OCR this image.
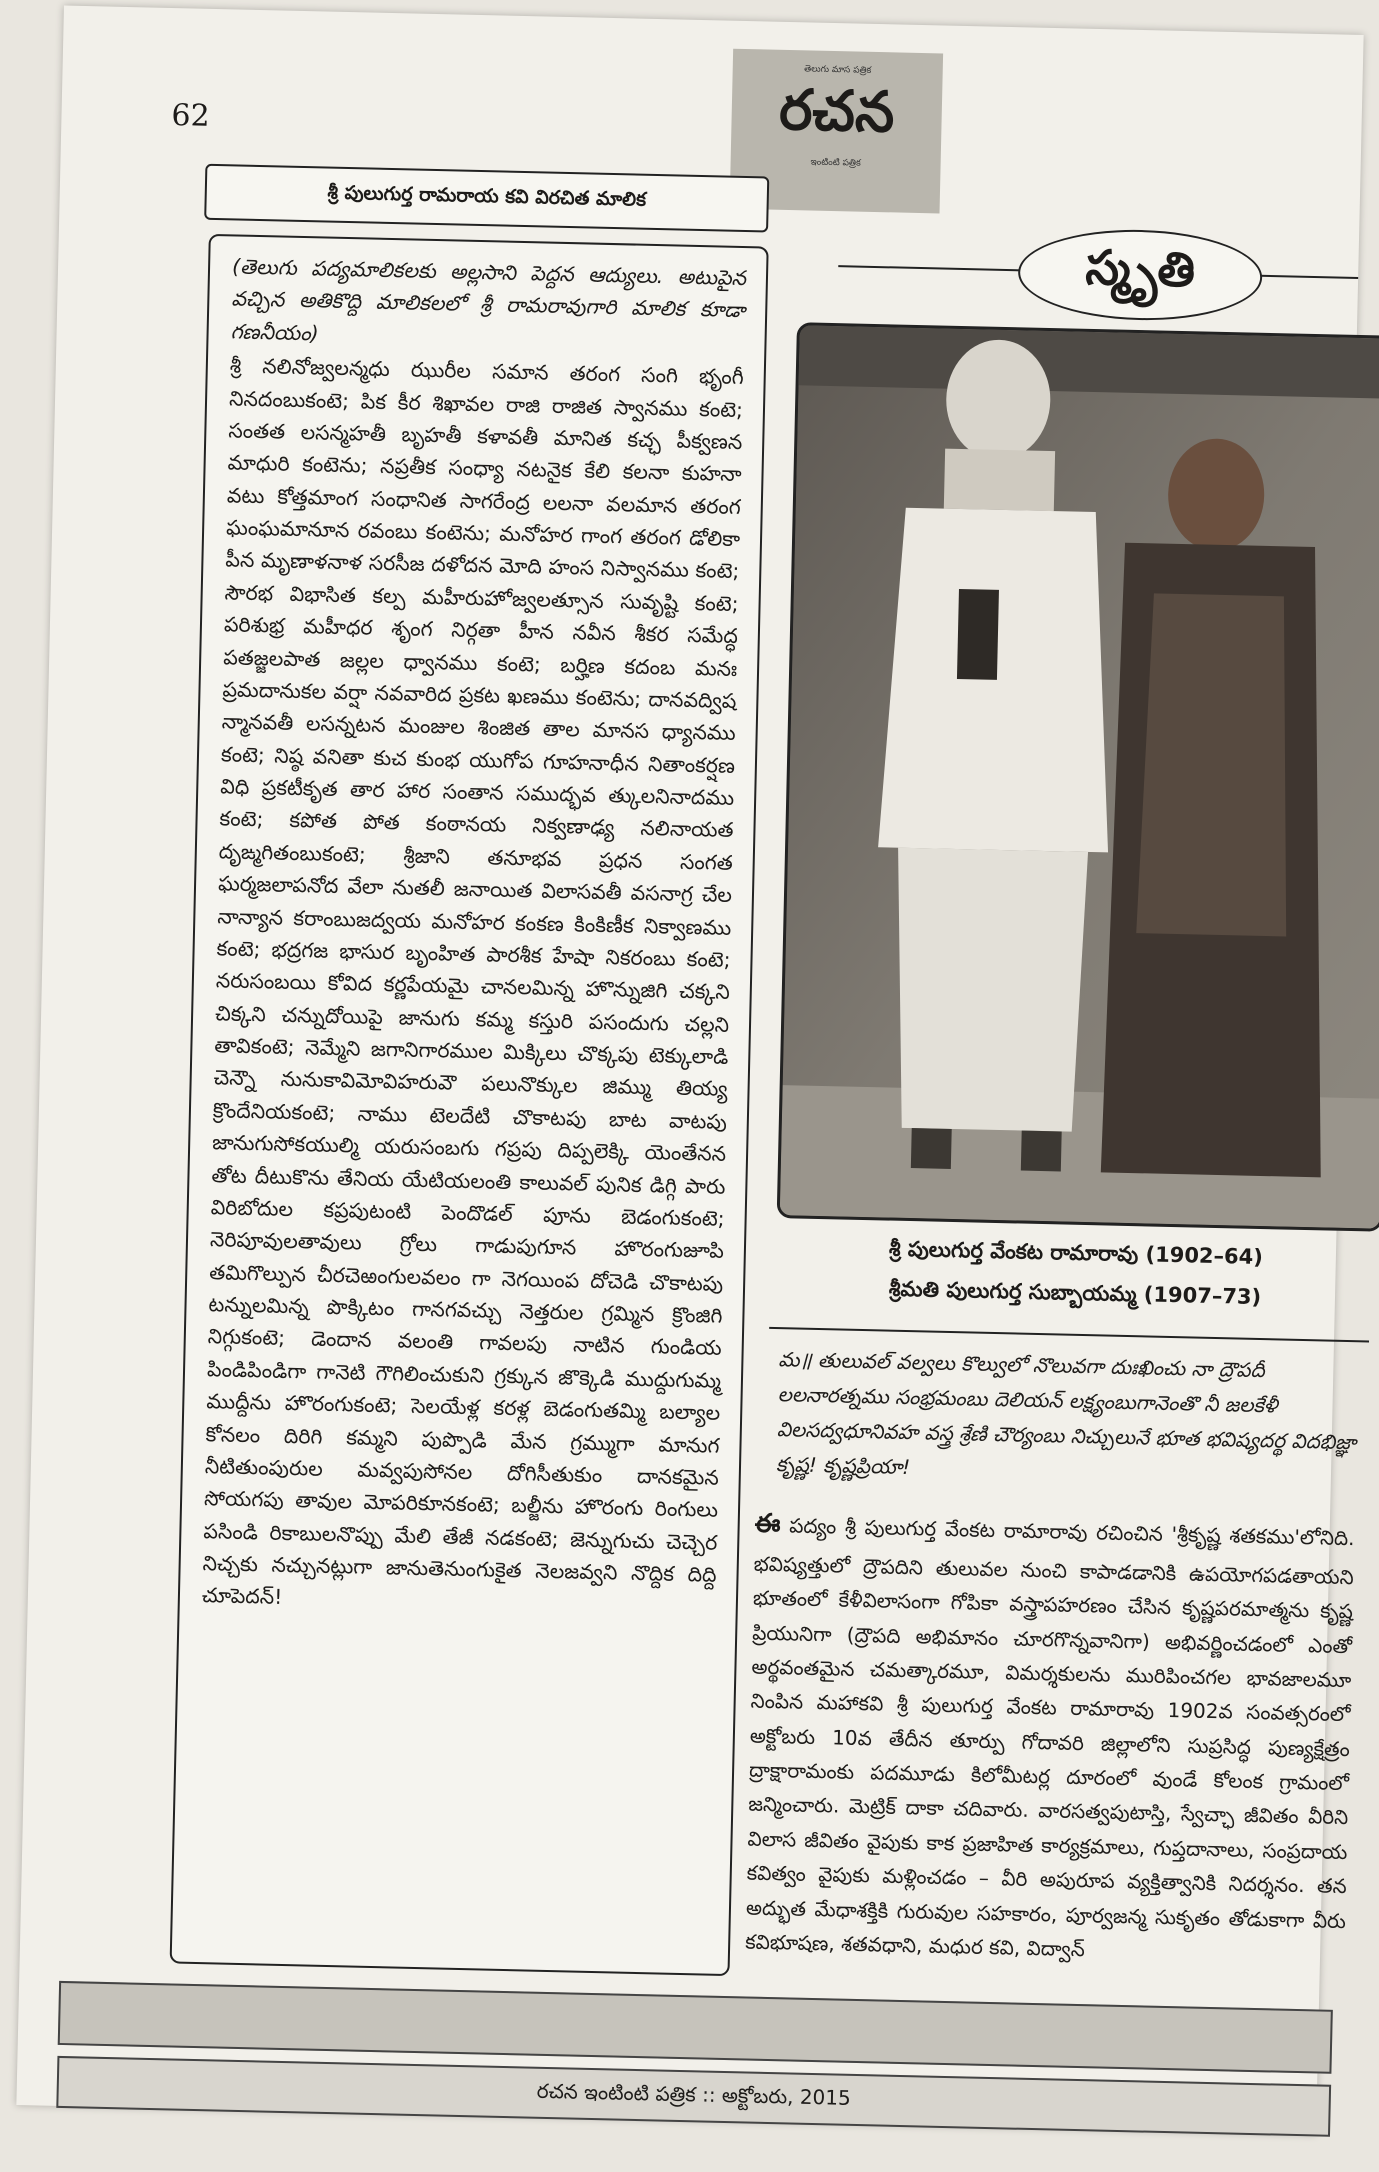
62
తెలుగు మాస పత్రిక
రచన
ఇంటింటి పత్రిక
శ్రీ పులుగుర్త రామరాయ కవి విరచిత మాలిక
స్మృతి

(తెలుగు పద్యమాలికలకు అల్లసాని పెద్దన ఆద్యులు. అటుపైన వచ్చిన అతికొద్ది మాలికలలో శ్రీ రామరావుగారి మాలిక కూడా గణనీయం)

శ్రీ నలినోజ్వలన్మధు ఝురీల సమాన తరంగ సంగి భృంగీ నినదంబుకంటె; పిక కీర శిఖావల రాజి రాజిత స్వానము కంటె; సంతత లసన్మహతీ బృహతీ కళావతీ మానిత కచ్ఛ పీక్వణన మాధురి కంటెను; నప్రతీక సంధ్యా నటనైక కేలి కలనా కుహనా వటు కోత్తమాంగ సంధానిత సాగరేంద్ర లలనా వలమాన తరంగ ఘంఘమానూన రవంబు కంటెను; మనోహర గాంగ తరంగ డోలికా పీన మృణాళనాళ సరసీజ దళోదన మోది హంస నిస్వానము కంటె; సౌరభ విభాసిత కల్ప మహీరుహోజ్వలత్సూన సువృష్టి కంటె; పరిశుభ్ర మహీధర శృంగ నిర్గతా హీన నవీన శీకర సమేద్ధ పతజ్జలపాత జల్లల ధ్వానము కంటె; బర్హిణ కదంబ మనః ప్రమదానుకల వర్షా నవవారిద ప్రకట ఖణము కంటెను; దానవద్విష న్మానవతీ లసన్నటన మంజుల శింజిత తాల మానస ధ్యానము కంటె; నిష్ఠ వనితా కుచ కుంభ యుగోప గూహనాధీన నితాంకర్షణ విధి ప్రకటీకృత తార హార సంతాన సముద్భవ త్కులనినాదము కంటె; కపోత పోత కంఠానయ నిక్వణాఢ్య నలినాయత దృఙ్మగితంబుకంటె; శ్రీజాని తనూభవ ప్రధన సంగత ఘర్మజలాపనోద వేలా నుతలీ జనాయిత విలాసవతీ వసనాగ్ర చేల నాన్యాన కరాంబుజద్వయ మనోహర కంకణ కింకిణీక నిక్వాణము కంటె; భద్రగజ భాసుర బృంహిత పారశీక హేషా నికరంబు కంటె; నరుసంబయి కోవిద కర్ణపేయమై చానలమిన్న హొన్నుజిగి చక్కని చిక్కని చన్నుదోయిపై జానుగు కమ్మ కస్తురి పసందుగు చల్లని తావికంటె; నెమ్మేని జగానిగారముల మిక్కిలు చొక్కపు టెక్కులాడి చెన్నౌ నునుకావిమోవిహరువౌ పలునొక్కుల జిమ్ము తియ్య క్రొందేనియకంటె; నాము టెలదేటి చొకాటపు బాట వాటపు జానుగుసోకయుల్మి యరుసంబగు గప్రపు దిప్పలెక్కి యెంతేనన తోట దీటుకొను తేనియ యేటియలంతి కాలువల్ పునిక డిగ్గి పారు విరిబోదుల కప్రపుటంటి పెందొడల్ పూను బెడంగుకంటె; నెరిపూవులతావులు గ్రోలు గాడుపుగూన హొరంగుజూపి తమిగొల్పున చీరచెఱంగులవలం గా నెగయింప దోచెడి చొకాటపు టన్నులమిన్న పొక్కిటం గానగవచ్చు నెత్తరుల గ్రమ్మిన క్రొంజిగి నిగ్గుకంటె; డెందాన వలంతి గావలపు నాటిన గుండియ పిండిపిండిగా గానెటి గౌగిలించుకుని గ్రక్కున జొక్కెడి ముద్దుగుమ్మ ముద్దీను హొరంగుకంటె; సెలయేళ్ల కరళ్ల బెడంగుతమ్మి బల్యాల కోనలం దిరిగి కమ్మని పుప్పొడి మేన గ్రమ్ముగా మానుగ నీటితుంపురుల మవ్వపుసోనల దోగిసీతుకుం దానకమైన సోయగపు తావుల మోపరికూనకంటె; బల్జీను హొరంగు రింగులు పసిండి రికాబులనొప్పు మేలి తేజీ నడకంటె; జెన్నుగుచు చెచ్చెర నిచ్చకు నచ్చునట్లుగా జానుతెనుంగుకైత నెలజవ్వని నొద్దిక దిద్ది చూపెదన్!

శ్రీ పులుగుర్త వేంకట రామారావు (1902–64)
శ్రీమతి పులుగుర్త సుబ్బాయమ్మ (1907–73)
మ॥ తులువల్ వల్వలు కొల్వులో నొలువగా దుఃఖించు నా ద్రౌపదీ లలనారత్నము సంభ్రమంబు దెలియన్ లక్ష్యంబుగానెంతొ నీ జలకేళీ విలసద్వధూనివహ వస్త్ర శ్రేణి చౌర్యంబు నిచ్చులునే భూత భవిష్యదర్థ విదభిజ్ఞా కృష్ణ! కృష్ణప్రియా!
ఈ పద్యం శ్రీ పులుగుర్త వేంకట రామారావు రచించిన 'శ్రీకృష్ణ శతకము'లోనిది. భవిష్యత్తులో ద్రౌపదిని తులువల నుంచి కాపాడడానికి ఉపయోగపడతాయని భూతంలో కేళీవిలాసంగా గోపికా వస్త్రాపహరణం చేసిన కృష్ణపరమాత్మను కృష్ణ ప్రియునిగా (ద్రౌపది అభిమానం చూరగొన్నవానిగా) అభివర్ణించడంలో ఎంతో అర్థవంతమైన చమత్కారమూ, విమర్శకులను మురిపించగల భావజాలమూ నింపిన మహాకవి శ్రీ పులుగుర్త వేంకట రామారావు 1902వ సంవత్సరంలో అక్టోబరు 10వ తేదీన తూర్పు గోదావరి జిల్లాలోని సుప్రసిద్ధ పుణ్యక్షేత్రం ద్రాక్షారామంకు పదమూడు కిలోమీటర్ల దూరంలో వుండే కోలంక గ్రామంలో జన్మించారు. మెట్రిక్ దాకా చదివారు. వారసత్వపుటాస్తి, స్వేచ్ఛా జీవితం వీరిని విలాస జీవితం వైపుకు కాక ప్రజాహిత కార్యక్రమాలు, గుప్తదానాలు, సంప్రదాయ కవిత్వం వైపుకు మళ్లించడం – వీరి అపురూప వ్యక్తిత్వానికి నిదర్శనం. తన అద్భుత మేధాశక్తికి గురువుల సహకారం, పూర్వజన్మ సుకృతం తోడుకాగా వీరు కవిభూషణ, శతవధాని, మధుర కవి, విద్వాన్
రచన ఇంటింటి పత్రిక :: అక్టోబరు, 2015
